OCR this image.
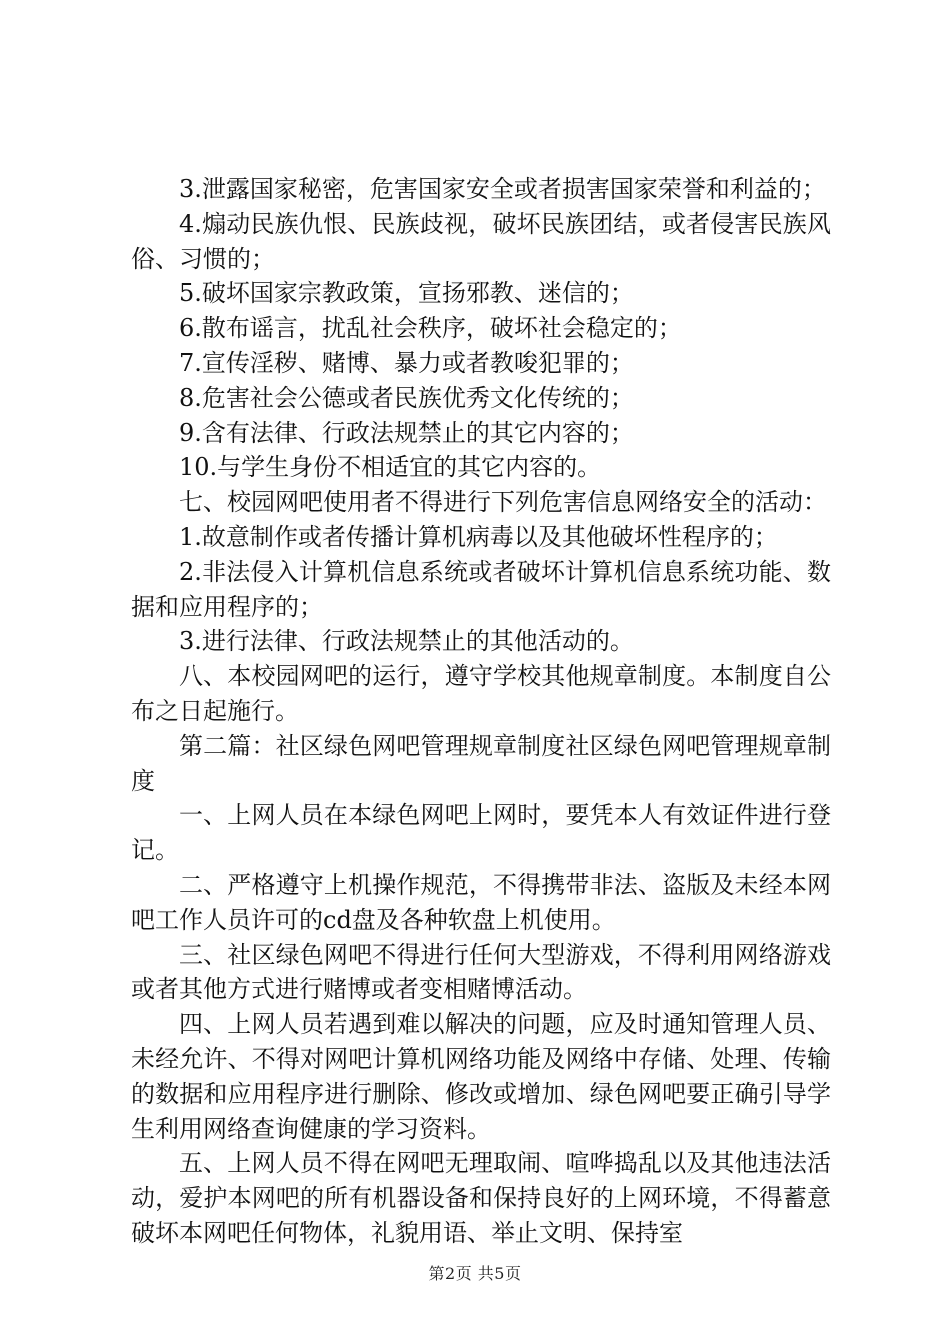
3.泄露国家秘密，危害国家安全或者损害国家荣誉和利益的；

4.煽动民族仇恨、民族歧视，破坏民族团结，或者侵害民族风俗、习惯的；

5.破坏国家宗教政策，宣扬邪教、迷信的；

6.散布谣言，扰乱社会秩序，破坏社会稳定的；

7.宣传淫秽、赌博、暴力或者教唆犯罪的；

8.危害社会公德或者民族优秀文化传统的；

9.含有法律、行政法规禁止的其它内容的；

10.与学生身份不相适宜的其它内容的。

七、校园网吧使用者不得进行下列危害信息网络安全的活动：

1.故意制作或者传播计算机病毒以及其他破坏性程序的；

2.非法侵入计算机信息系统或者破坏计算机信息系统功能、数据和应用程序的；

3.进行法律、行政法规禁止的其他活动的。

八、本校园网吧的运行，遵守学校其他规章制度。本制度自公布之日起施行。

第二篇：社区绿色网吧管理规章制度社区绿色网吧管理规章制度

一、上网人员在本绿色网吧上网时，要凭本人有效证件进行登记。

二、严格遵守上机操作规范，不得携带非法、盗版及未经本网吧工作人员许可的cd盘及各种软盘上机使用。

三、社区绿色网吧不得进行任何大型游戏，不得利用网络游戏或者其他方式进行赌博或者变相赌博活动。

四、上网人员若遇到难以解决的问题，应及时通知管理人员、未经允许、不得对网吧计算机网络功能及网络中存储、处理、传输的数据和应用程序进行删除、修改或增加、绿色网吧要正确引导学生利用网络查询健康的学习资料。

五、上网人员不得在网吧无理取闹、喧哗捣乱以及其他违法活动，爱护本网吧的所有机器设备和保持良好的上网环境，不得蓄意破坏本网吧任何物体，礼貌用语、举止文明、保持室

第2页 共5页
